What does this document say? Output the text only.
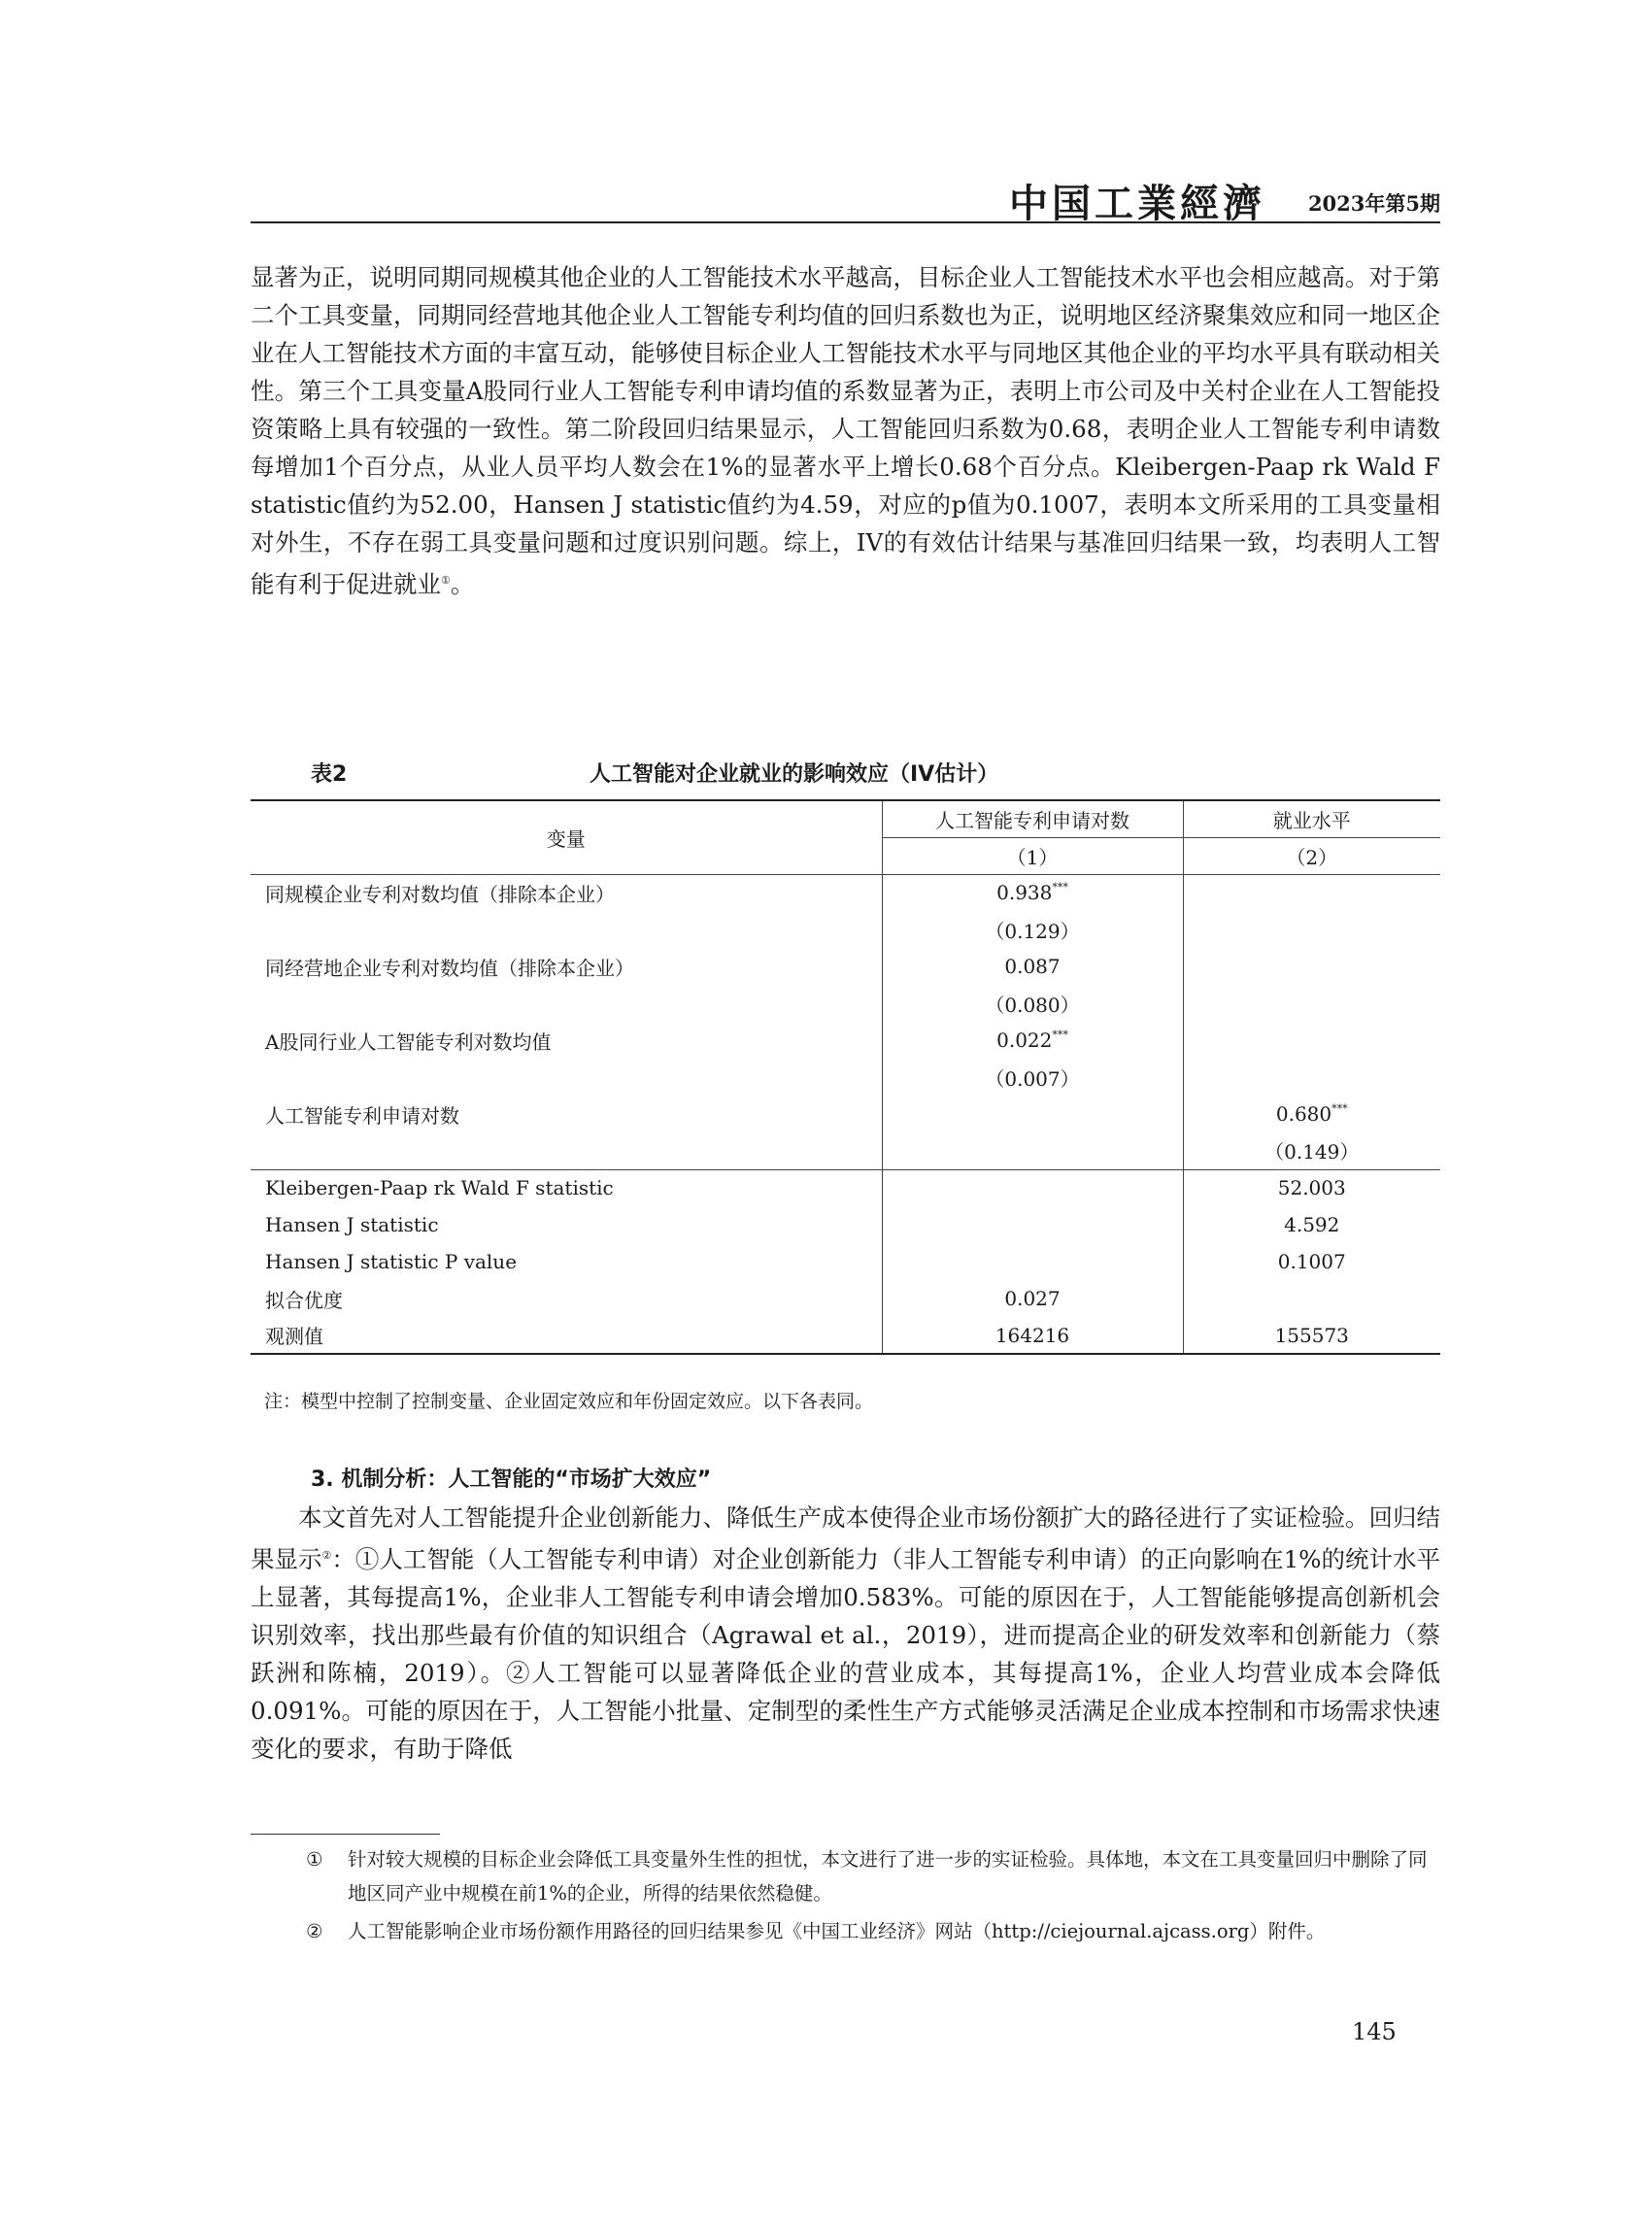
中国工業經濟 2023年第5期

显著为正，说明同期同规模其他企业的人工智能技术水平越高，目标企业人工智能技术水平也会相应越高。对于第二个工具变量，同期同经营地其他企业人工智能专利均值的回归系数也为正，说明地区经济聚集效应和同一地区企业在人工智能技术方面的丰富互动，能够使目标企业人工智能技术水平与同地区其他企业的平均水平具有联动相关性。第三个工具变量A股同行业人工智能专利申请均值的系数显著为正，表明上市公司及中关村企业在人工智能投资策略上具有较强的一致性。第二阶段回归结果显示，人工智能回归系数为0.68，表明企业人工智能专利申请数每增加1个百分点，从业人员平均人数会在1%的显著水平上增长0.68个百分点。Kleibergen-Paap rk Wald F statistic值约为52.00，Hansen J statistic值约为4.59，对应的p值为0.1007，表明本文所采用的工具变量相对外生，不存在弱工具变量问题和过度识别问题。综上，IV的有效估计结果与基准回归结果一致，均表明人工智能有利于促进就业①。

表2	人工智能对企业就业的影响效应（IV估计）
变量	人工智能专利申请对数	就业水平
	（1）	（2）
同规模企业专利对数均值（排除本企业）	0.938***	
	（0.129）	
同经营地企业专利对数均值（排除本企业）	0.087	
	（0.080）	
A股同行业人工智能专利对数均值	0.022***	
	（0.007）	
人工智能专利申请对数		0.680***
		（0.149）
Kleibergen-Paap rk Wald F statistic		52.003
Hansen J statistic		4.592
Hansen J statistic P value		0.1007
拟合优度	0.027	
观测值	164216	155573
注：模型中控制了控制变量、企业固定效应和年份固定效应。以下各表同。
3. 机制分析：人工智能的“市场扩大效应”

本文首先对人工智能提升企业创新能力、降低生产成本使得企业市场份额扩大的路径进行了实证检验。回归结果显示②：①人工智能（人工智能专利申请）对企业创新能力（非人工智能专利申请）的正向影响在1%的统计水平上显著，其每提高1%，企业非人工智能专利申请会增加0.583%。可能的原因在于，人工智能能够提高创新机会识别效率，找出那些最有价值的知识组合（Agrawal et al.，2019），进而提高企业的研发效率和创新能力（蔡跃洲和陈楠，2019）。②人工智能可以显著降低企业的营业成本，其每提高1%，企业人均营业成本会降低0.091%。可能的原因在于，人工智能小批量、定制型的柔性生产方式能够灵活满足企业成本控制和市场需求快速变化的要求，有助于降低

① 针对较大规模的目标企业会降低工具变量外生性的担忧，本文进行了进一步的实证检验。具体地，本文在工具变量回归中删除了同地区同产业中规模在前1%的企业，所得的结果依然稳健。
② 人工智能影响企业市场份额作用路径的回归结果参见《中国工业经济》网站（http://ciejournal.ajcass.org）附件。
145
